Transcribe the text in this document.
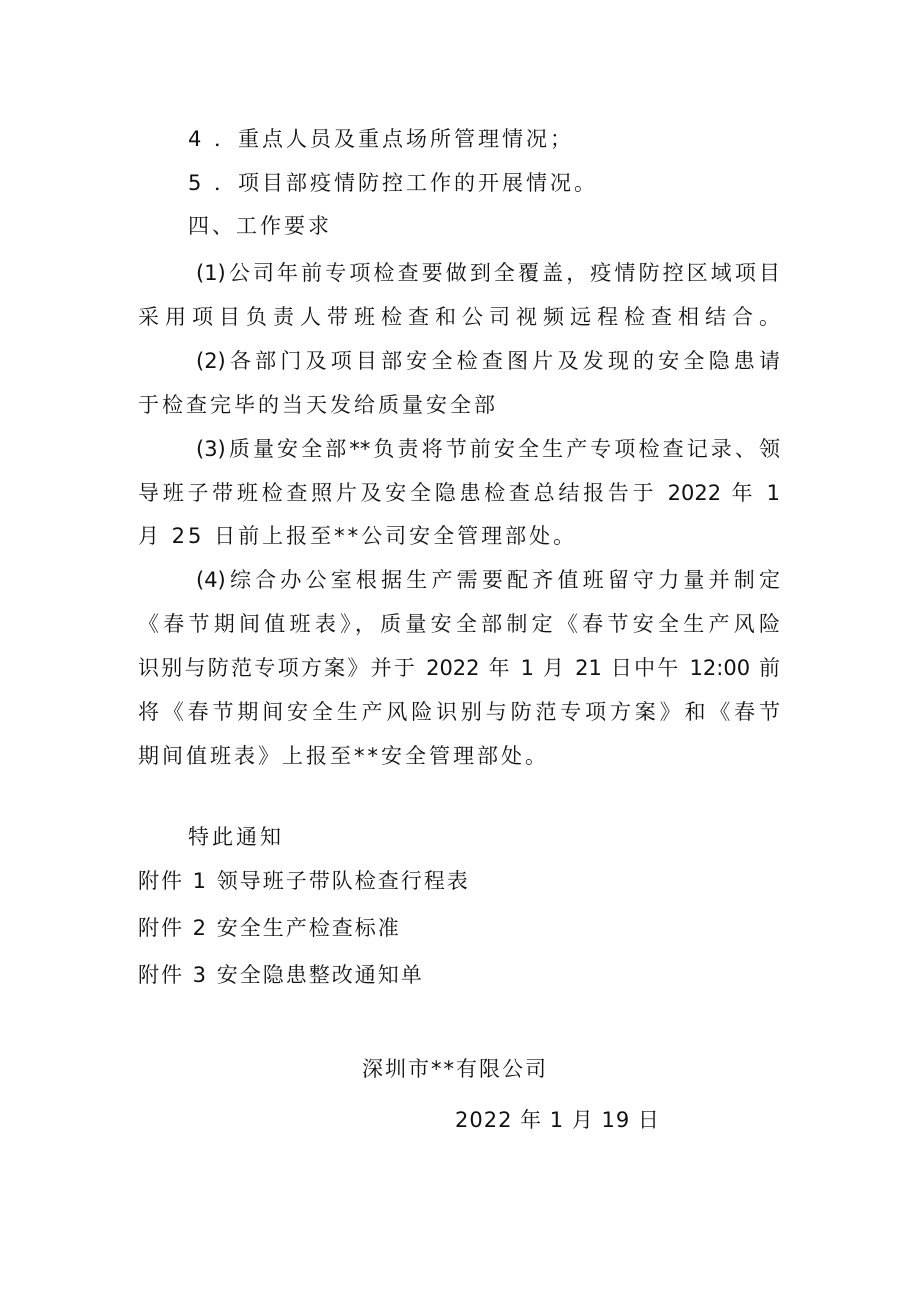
4 ．重点人员及重点场所管理情况；
5 ．项目部疫情防控工作的开展情况。
四、工作要求
(1)公司年前专项检查要做到全覆盖，疫情防控区域项目
采用项目负责人带班检查和公司视频远程检查相结合。
(2)各部门及项目部安全检查图片及发现的安全隐患请
于检查完毕的当天发给质量安全部
(3)质量安全部**负责将节前安全生产专项检查记录、领
导班子带班检查照片及安全隐患检查总结报告于 2022 年 1
月 25 日前上报至**公司安全管理部处。
(4)综合办公室根据生产需要配齐值班留守力量并制定
《春节期间值班表》，质量安全部制定《春节安全生产风险
识别与防范专项方案》并于 2022 年 1 月 21 日中午 12:00 前
将《春节期间安全生产风险识别与防范专项方案》和《春节
期间值班表》上报至**安全管理部处。
特此通知
附件 1 领导班子带队检查行程表
附件 2 安全生产检查标准
附件 3 安全隐患整改通知单
深圳市**有限公司
2022 年 1 月 19 日
